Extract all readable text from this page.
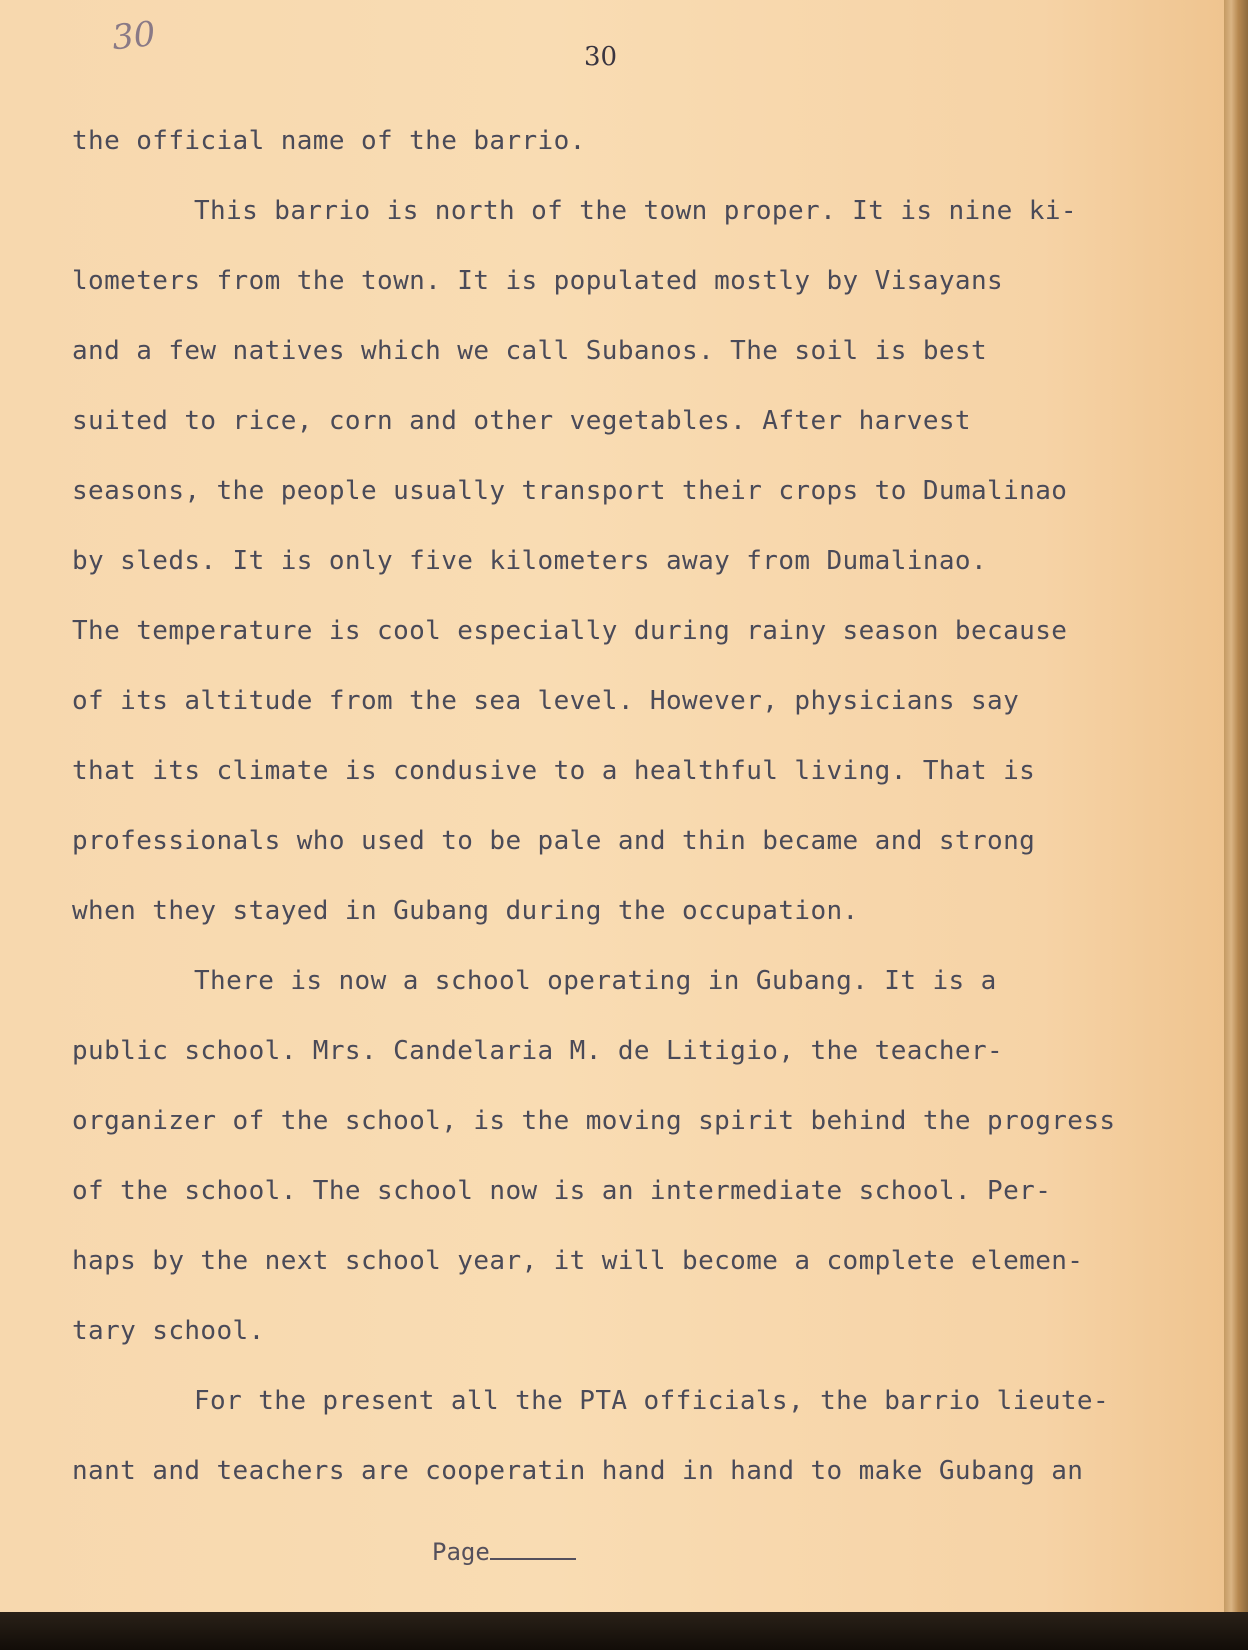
30	30
the official name of the barrio.
This barrio is north of the town proper. It is nine ki-
lometers from the town. It is populated mostly by Visayans
and a few natives which we call Subanos. The soil is best
suited to rice, corn and other vegetables. After harvest
seasons, the people usually transport their crops to Dumalinao
by sleds. It is only five kilometers away from Dumalinao.
The temperature is cool especially during rainy season because
of its altitude from the sea level. However, physicians say
that its climate is condusive to a healthful living. That is
professionals who used to be pale and thin became and strong
when they stayed in Gubang during the occupation.
There is now a school operating in Gubang. It is a
public school. Mrs. Candelaria M. de Litigio, the teacher-
organizer of the school, is the moving spirit behind the progress
of the school. The school now is an intermediate school. Per-
haps by the next school year, it will become a complete elemen-
tary school.
For the present all the PTA officials, the barrio lieute-
nant and teachers are cooperatin hand in hand to make Gubang an
Page
